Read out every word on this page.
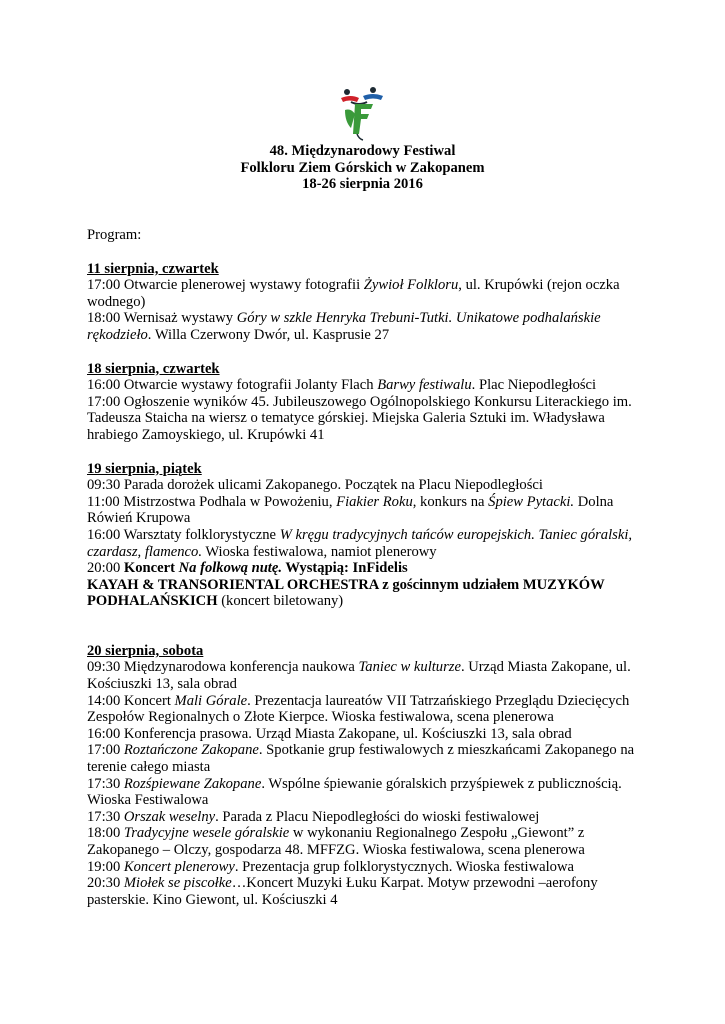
48. Międzynarodowy Festiwal
Folkloru Ziem Górskich w Zakopanem
18-26 sierpnia 2016

Program:

11 sierpnia, czwartek

17:00 Otwarcie plenerowej wystawy fotografii Żywioł Folkloru, ul. Krupówki (rejon oczka wodnego)

18:00 Wernisaż wystawy Góry w szkle Henryka Trebuni-Tutki. Unikatowe podhalańskie rękodzieło. Willa Czerwony Dwór, ul. Kasprusie 27

18 sierpnia, czwartek

16:00 Otwarcie wystawy fotografii Jolanty Flach Barwy festiwalu. Plac Niepodległości

17:00 Ogłoszenie wyników 45. Jubileuszowego Ogólnopolskiego Konkursu Literackiego im. Tadeusza Staicha na wiersz o tematyce górskiej. Miejska Galeria Sztuki im. Władysława hrabiego Zamoyskiego, ul. Krupówki 41

19 sierpnia, piątek

09:30 Parada dorożek ulicami Zakopanego. Początek na Placu Niepodległości

11:00 Mistrzostwa Podhala w Powożeniu, Fiakier Roku, konkurs na Śpiew Pytacki. Dolna Rówień Krupowa

16:00 Warsztaty folklorystyczne W kręgu tradycyjnych tańców europejskich. Taniec góralski, czardasz, flamenco. Wioska festiwalowa, namiot plenerowy

20:00 Koncert Na folkową nutę. Wystąpią: InFidelis

KAYAH & TRANSORIENTAL ORCHESTRA z gościnnym udziałem MUZYKÓW PODHALAŃSKICH (koncert biletowany)

20 sierpnia, sobota

09:30 Międzynarodowa konferencja naukowa Taniec w kulturze. Urząd Miasta Zakopane, ul. Kościuszki 13, sala obrad

14:00 Koncert Mali Górale. Prezentacja laureatów VII Tatrzańskiego Przeglądu Dziecięcych Zespołów Regionalnych o Złote Kierpce. Wioska festiwalowa, scena plenerowa

16:00 Konferencja prasowa. Urząd Miasta Zakopane, ul. Kościuszki 13, sala obrad

17:00 Roztańczone Zakopane. Spotkanie grup festiwalowych z mieszkańcami Zakopanego na terenie całego miasta

17:30 Rozśpiewane Zakopane. Wspólne śpiewanie góralskich przyśpiewek z publicznością. Wioska Festiwalowa

17:30 Orszak weselny. Parada z Placu Niepodległości do wioski festiwalowej

18:00 Tradycyjne wesele góralskie w wykonaniu Regionalnego Zespołu „Giewont” z Zakopanego – Olczy, gospodarza 48. MFFZG. Wioska festiwalowa, scena plenerowa

19:00 Koncert plenerowy. Prezentacja grup folklorystycznych. Wioska festiwalowa

20:30 Miołek se piscołke…Koncert Muzyki Łuku Karpat. Motyw przewodni –aerofony pasterskie. Kino Giewont, ul. Kościuszki 4
